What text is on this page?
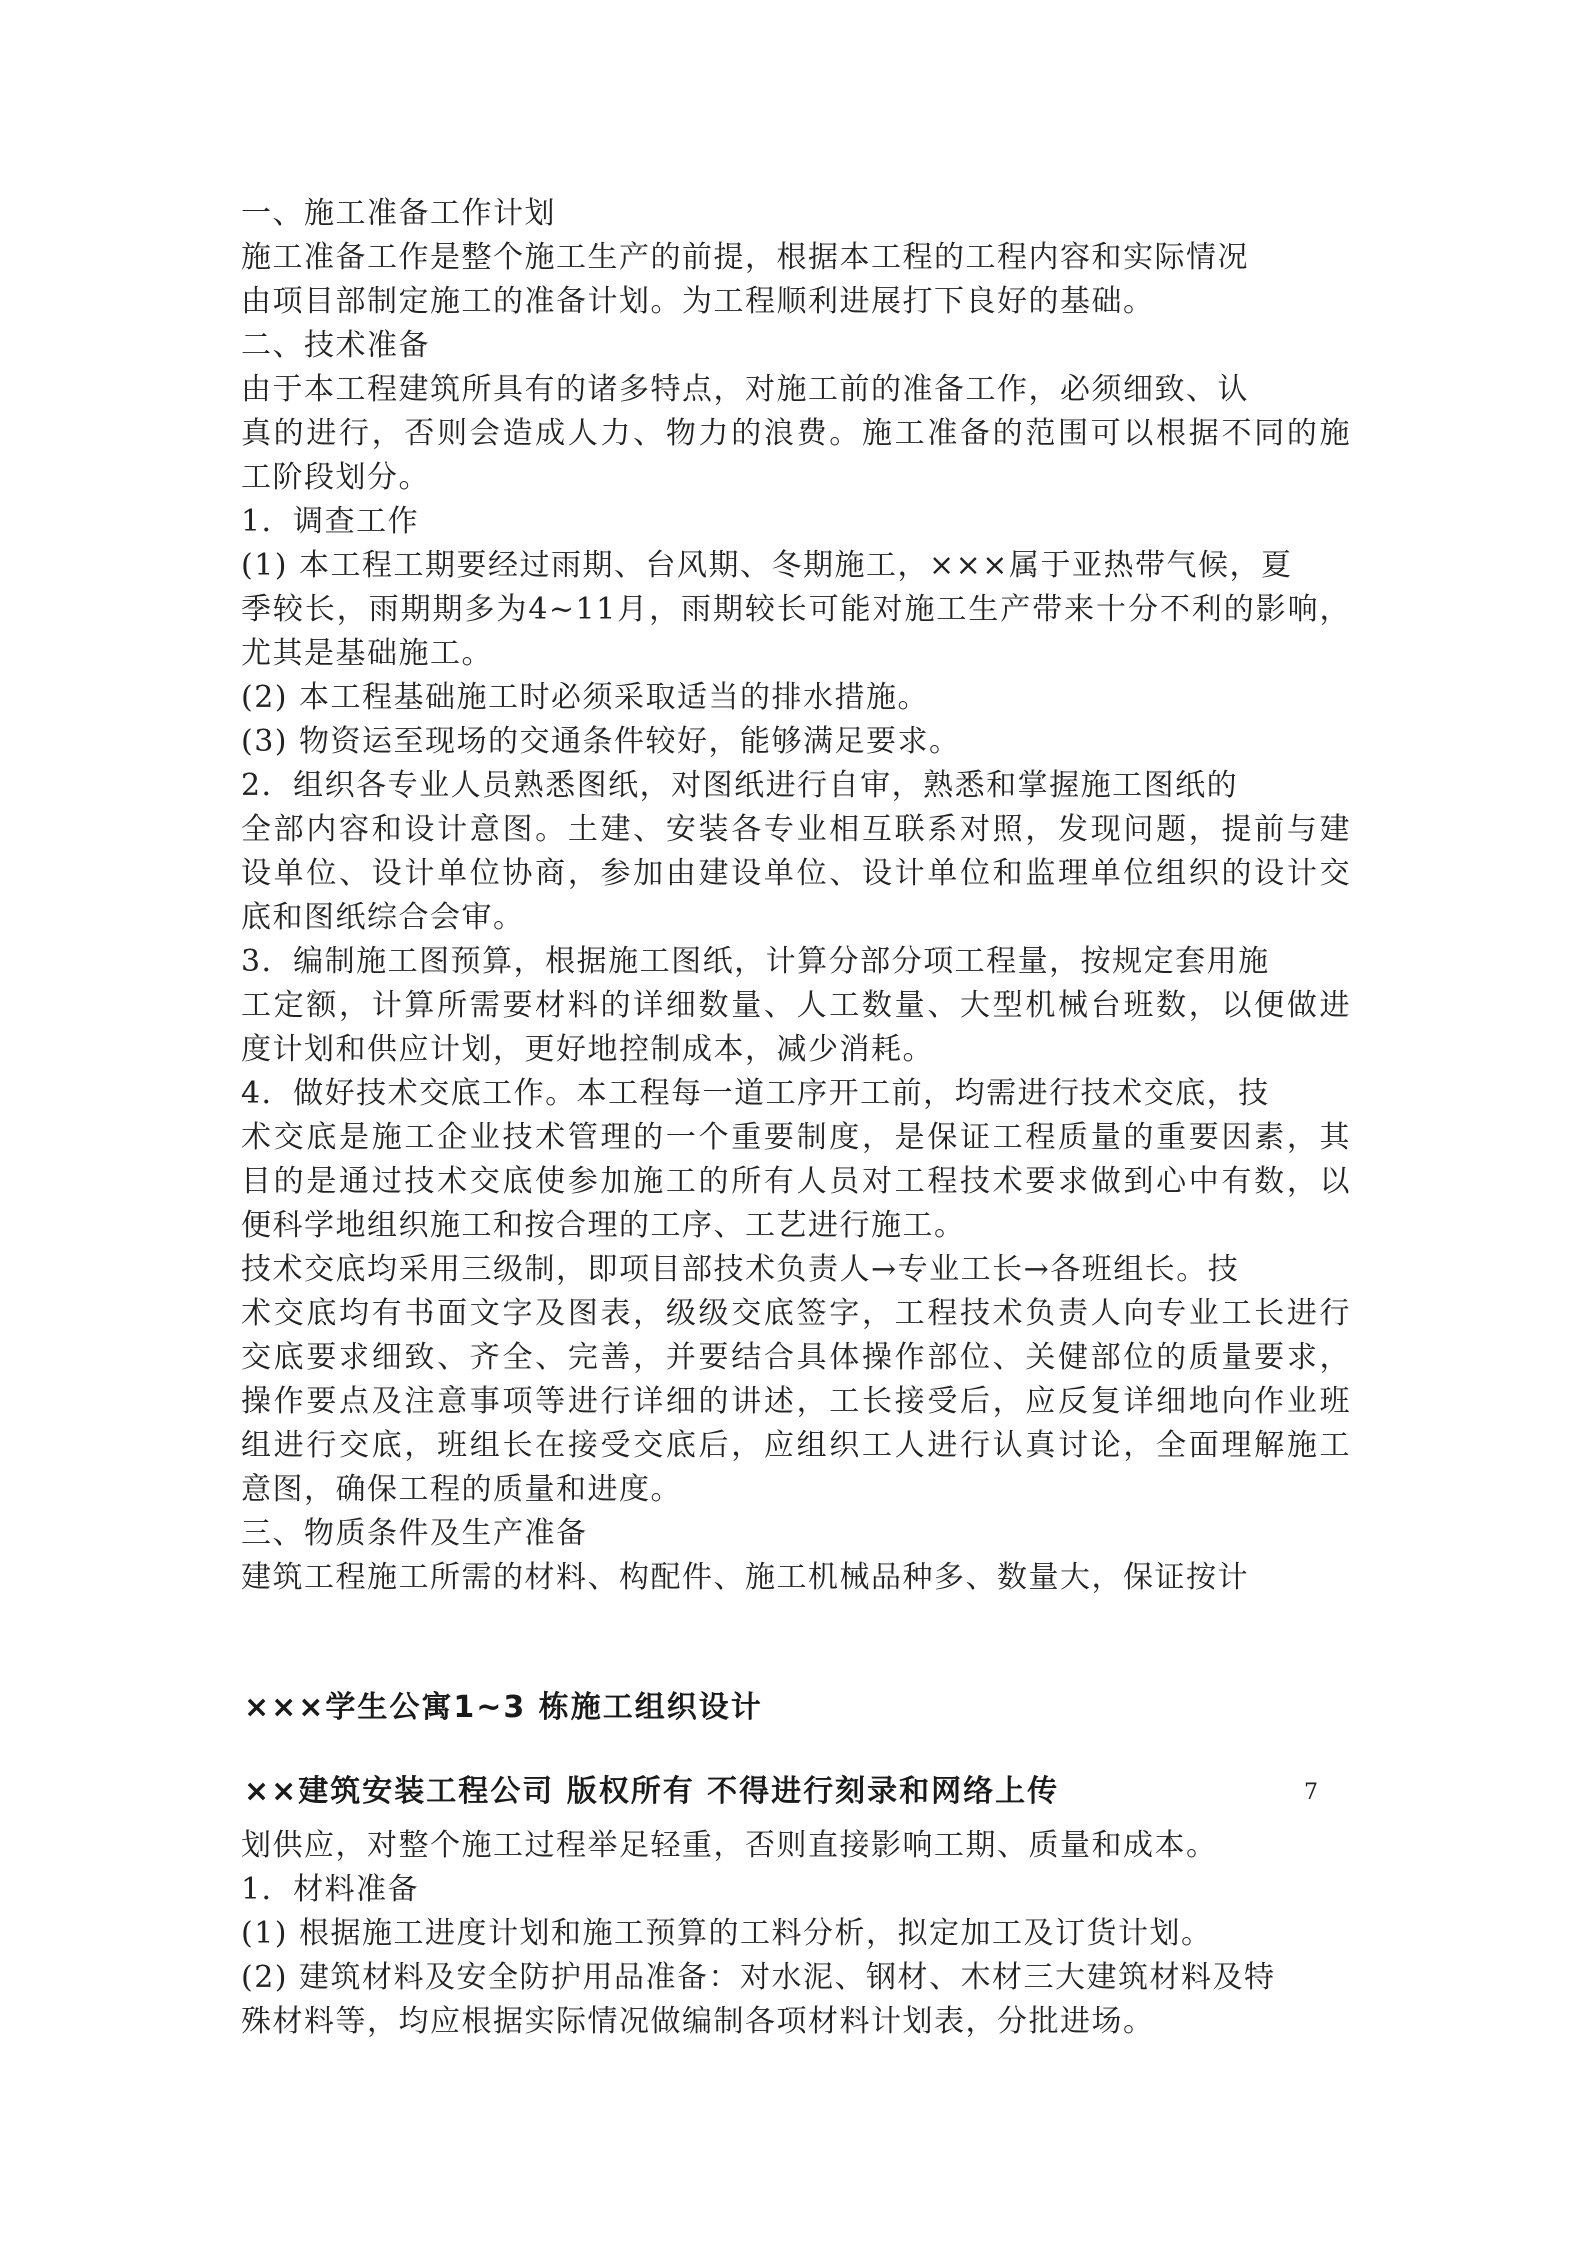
一、施工准备工作计划
施工准备工作是整个施工生产的前提，根据本工程的工程内容和实际情况
由项目部制定施工的准备计划。为工程顺利进展打下良好的基础。
二、技术准备
由于本工程建筑所具有的诸多特点，对施工前的准备工作，必须细致、认
真的进行，否则会造成人力、物力的浪费。施工准备的范围可以根据不同的施
工阶段划分。
1．调查工作
(1) 本工程工期要经过雨期、台风期、冬期施工，×××属于亚热带气候，夏
季较长，雨期期多为4~11月，雨期较长可能对施工生产带来十分不利的影响，
尤其是基础施工。
(2) 本工程基础施工时必须采取适当的排水措施。
(3) 物资运至现场的交通条件较好，能够满足要求。
2．组织各专业人员熟悉图纸，对图纸进行自审，熟悉和掌握施工图纸的
全部内容和设计意图。土建、安装各专业相互联系对照，发现问题，提前与建
设单位、设计单位协商，参加由建设单位、设计单位和监理单位组织的设计交
底和图纸综合会审。
3．编制施工图预算，根据施工图纸，计算分部分项工程量，按规定套用施
工定额，计算所需要材料的详细数量、人工数量、大型机械台班数，以便做进
度计划和供应计划，更好地控制成本，减少消耗。
4．做好技术交底工作。本工程每一道工序开工前，均需进行技术交底，技
术交底是施工企业技术管理的一个重要制度，是保证工程质量的重要因素，其
目的是通过技术交底使参加施工的所有人员对工程技术要求做到心中有数，以
便科学地组织施工和按合理的工序、工艺进行施工。
技术交底均采用三级制，即项目部技术负责人→专业工长→各班组长。技
术交底均有书面文字及图表，级级交底签字，工程技术负责人向专业工长进行
交底要求细致、齐全、完善，并要结合具体操作部位、关健部位的质量要求，
操作要点及注意事项等进行详细的讲述，工长接受后，应反复详细地向作业班
组进行交底，班组长在接受交底后，应组织工人进行认真讨论，全面理解施工
意图，确保工程的质量和进度。
三、物质条件及生产准备
建筑工程施工所需的材料、构配件、施工机械品种多、数量大，保证按计
×××学生公寓1~3 栋施工组织设计
××建筑安装工程公司 版权所有 不得进行刻录和网络上传	7
划供应，对整个施工过程举足轻重，否则直接影响工期、质量和成本。
1．材料准备
(1) 根据施工进度计划和施工预算的工料分析，拟定加工及订货计划。
(2) 建筑材料及安全防护用品准备：对水泥、钢材、木材三大建筑材料及特
殊材料等，均应根据实际情况做编制各项材料计划表，分批进场。
